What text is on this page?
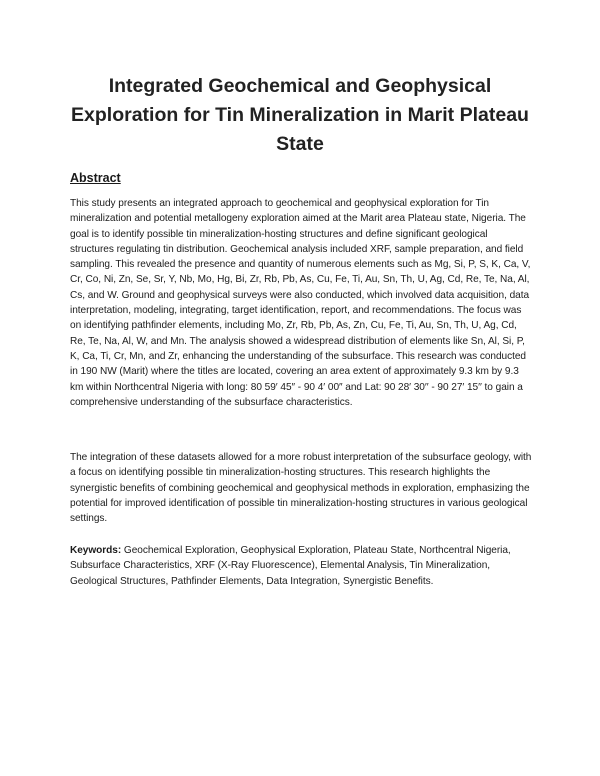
Integrated Geochemical and Geophysical Exploration for Tin Mineralization in Marit Plateau State
Abstract

This study presents an integrated approach to geochemical and geophysical exploration for Tin mineralization and potential metallogeny exploration aimed at the Marit area Plateau state, Nigeria. The goal is to identify possible tin mineralization-hosting structures and define significant geological structures regulating tin distribution. Geochemical analysis included XRF, sample preparation, and field sampling. This revealed the presence and quantity of numerous elements such as Mg, Si, P, S, K, Ca, V, Cr, Co, Ni, Zn, Se, Sr, Y, Nb, Mo, Hg, Bi, Zr, Rb, Pb, As, Cu, Fe, Ti, Au, Sn, Th, U, Ag, Cd, Re, Te, Na, Al, Cs, and W. Ground and geophysical surveys were also conducted, which involved data acquisition, data interpretation, modeling, integrating, target identification, report, and recommendations. The focus was on identifying pathfinder elements, including Mo, Zr, Rb, Pb, As, Zn, Cu, Fe, Ti, Au, Sn, Th, U, Ag, Cd, Re, Te, Na, Al, W, and Mn. The analysis showed a widespread distribution of elements like Sn, Al, Si, P, K, Ca, Ti, Cr, Mn, and Zr, enhancing the understanding of the subsurface. This research was conducted in 190 NW (Marit) where the titles are located, covering an area extent of approximately 9.3 km by 9.3 km within Northcentral Nigeria with long: 80 59′ 45″ - 90 4′ 00″ and Lat: 90 28′ 30′′ - 90 27′ 15′′ to gain a comprehensive understanding of the subsurface characteristics.

The integration of these datasets allowed for a more robust interpretation of the subsurface geology, with a focus on identifying possible tin mineralization-hosting structures. This research highlights the synergistic benefits of combining geochemical and geophysical methods in exploration, emphasizing the potential for improved identification of possible tin mineralization-hosting structures in various geological settings.

Keywords: Geochemical Exploration, Geophysical Exploration, Plateau State, Northcentral Nigeria, Subsurface Characteristics, XRF (X-Ray Fluorescence), Elemental Analysis, Tin Mineralization, Geological Structures, Pathfinder Elements, Data Integration, Synergistic Benefits.
